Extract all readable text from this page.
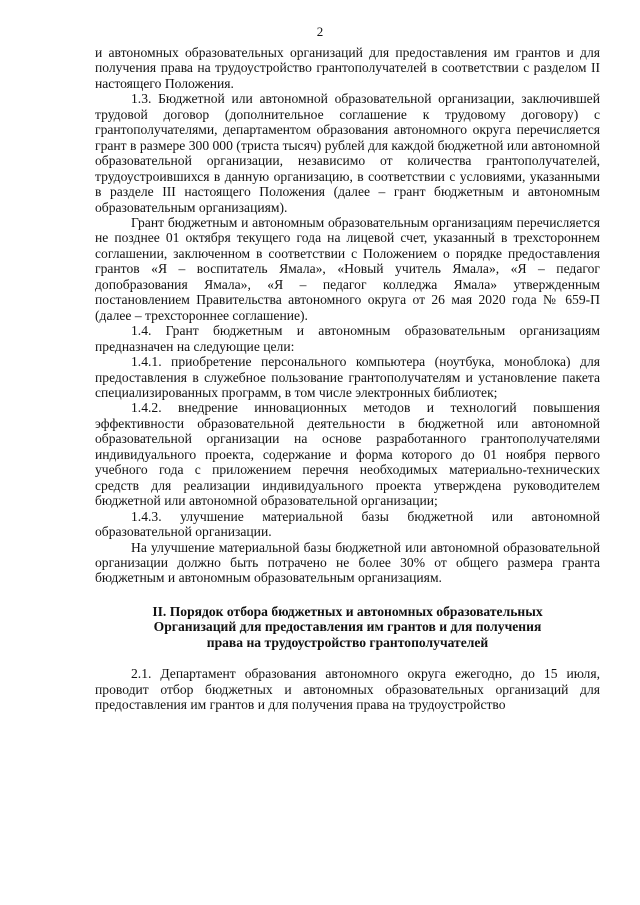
2

и автономных образовательных организаций для предоставления им грантов и для получения права на трудоустройство грантополучателей в соответствии с разделом II настоящего Положения.

1.3. Бюджетной или автономной образовательной организации, заключившей трудовой договор (дополнительное соглашение к трудовому договору) с грантополучателями, департаментом образования автономного округа перечисляется грант в размере 300 000 (триста тысяч) рублей для каждой бюджетной или автономной образовательной организации, независимо от количества грантополучателей, трудоустроившихся в данную организацию, в соответствии с условиями, указанными в разделе III настоящего Положения (далее – грант бюджетным и автономным образовательным организациям).

Грант бюджетным и автономным образовательным организациям перечисляется не позднее 01 октября текущего года на лицевой счет, указанный в трехстороннем соглашении, заключенном в соответствии с Положением о порядке предоставления грантов «Я – воспитатель Ямала», «Новый учитель Ямала», «Я – педагог допобразования Ямала», «Я – педагог колледжа Ямала» утвержденным постановлением Правительства автономного округа от 26 мая 2020 года № 659-П (далее – трехстороннее соглашение).

1.4. Грант бюджетным и автономным образовательным организациям предназначен на следующие цели:

1.4.1. приобретение персонального компьютера (ноутбука, моноблока) для предоставления в служебное пользование грантополучателям и установление пакета специализированных программ, в том числе электронных библиотек;

1.4.2. внедрение инновационных методов и технологий повышения эффективности образовательной деятельности в бюджетной или автономной образовательной организации на основе разработанного грантополучателями индивидуального проекта, содержание и форма которого до 01 ноября первого учебного года с приложением перечня необходимых материально-технических средств для реализации индивидуального проекта утверждена руководителем бюджетной или автономной образовательной организации;

1.4.3. улучшение материальной базы бюджетной или автономной образовательной организации.

На улучшение материальной базы бюджетной или автономной образовательной организации должно быть потрачено не более 30% от общего размера гранта бюджетным и автономным образовательным организациям.

II. Порядок отбора бюджетных и автономных образовательных

Организаций для предоставления им грантов и для получения

права на трудоустройство грантополучателей

2.1. Департамент образования автономного округа ежегодно, до 15 июля, проводит отбор бюджетных и автономных образовательных организаций для предоставления им грантов и для получения права на трудоустройство
